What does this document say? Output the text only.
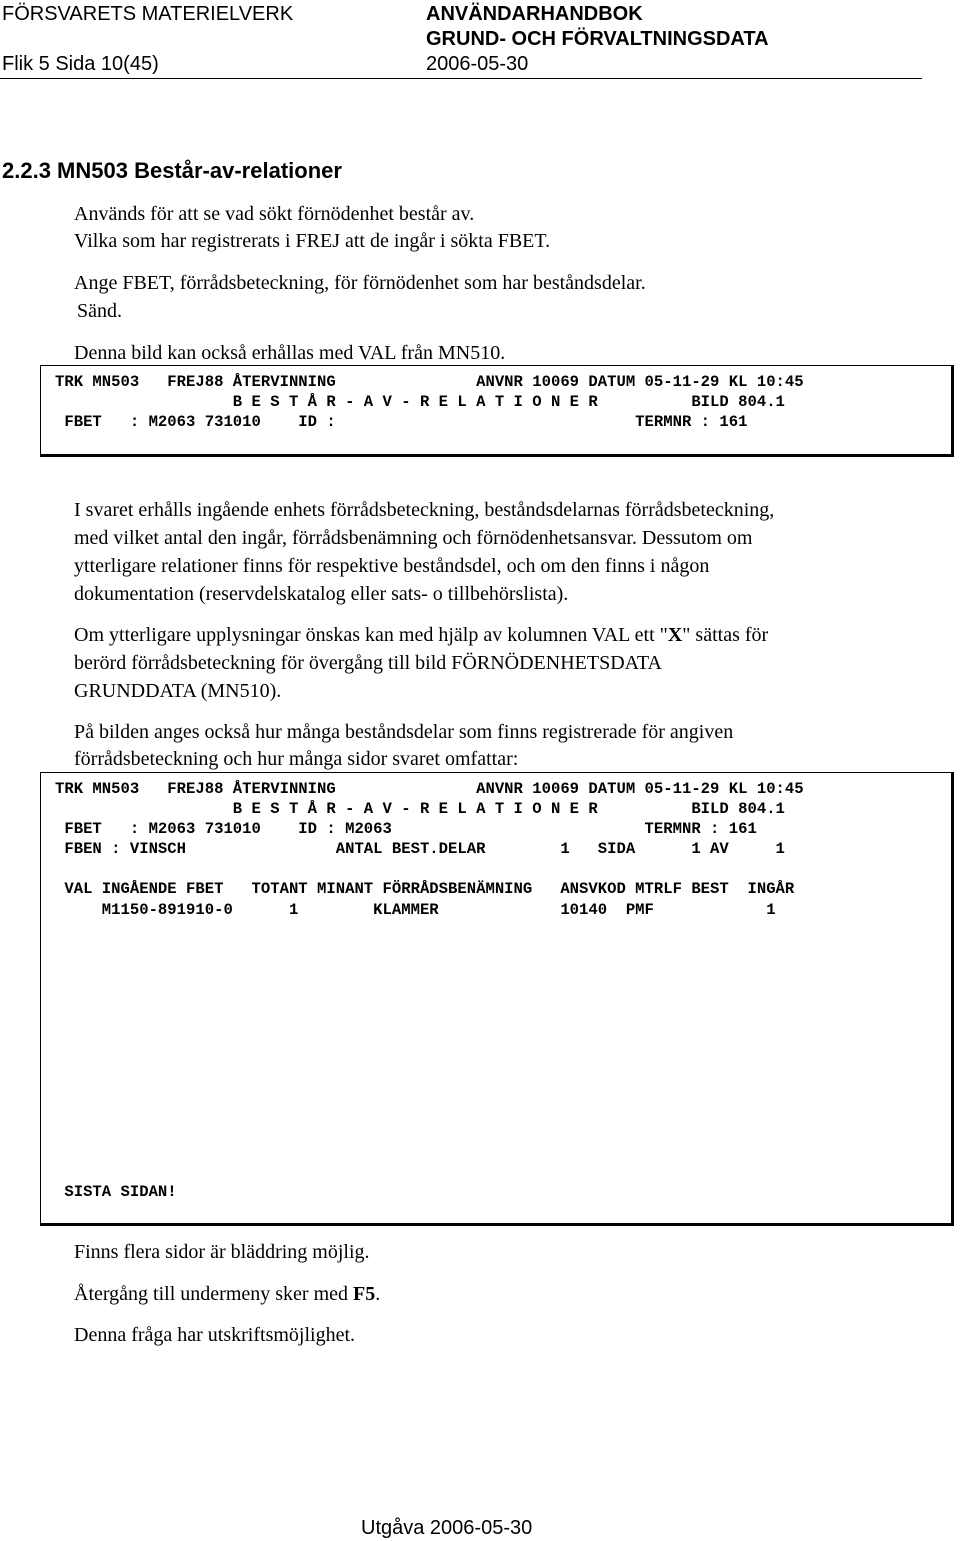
FÖRSVARETS MATERIELVERK
Flik 5 Sida 10(45)
ANVÄNDARHANDBOK
GRUND- OCH FÖRVALTNINGSDATA
2006-05-30
2.2.3 MN503 Består-av-relationer
Används för att se vad sökt förnödenhet består av.
Vilka som har registrerats i FREJ att de ingår i sökta FBET.
Ange FBET, förrådsbeteckning, för förnödenhet som har beståndsdelar.
Sänd.
Denna bild kan också erhållas med VAL från MN510.
TRK MN503   FREJ88 ÅTERVINNING               ANVNR 10069 DATUM 05-11-29 KL 10:45
B E S T Å R - A V - R E L A T I O N E R          BILD 804.1
FBET   : M2063 731010    ID :                                TERMNR : 161
I svaret erhålls ingående enhets förrådsbeteckning, beståndsdelarnas förrådsbeteckning,
med vilket antal den ingår, förrådsbenämning och förnödenhetsansvar. Dessutom om
ytterligare relationer finns för respektive beståndsdel, och om den finns i någon
dokumentation (reservdelskatalog eller sats- o tillbehörslista).
Om ytterligare upplysningar önskas kan med hjälp av kolumnen VAL ett "X" sättas för
berörd förrådsbeteckning för övergång till bild FÖRNÖDENHETSDATA
GRUNDDATA (MN510).
På bilden anges också hur många beståndsdelar som finns registrerade för angiven
förrådsbeteckning och hur många sidor svaret omfattar:
TRK MN503   FREJ88 ÅTERVINNING               ANVNR 10069 DATUM 05-11-29 KL 10:45
B E S T Å R - A V - R E L A T I O N E R          BILD 804.1
FBET   : M2063 731010    ID : M2063                           TERMNR : 161
FBEN : VINSCH                ANTAL BEST.DELAR        1   SIDA      1 AV     1
VAL INGÅENDE FBET   TOTANT MINANT FÖRRÅDSBENÄMNING   ANSVKOD MTRLF BEST  INGÅR
M1150-891910-0      1        KLAMMER             10140  PMF            1
SISTA SIDAN!
Finns flera sidor är bläddring möjlig.
Återgång till undermeny sker med F5.
Denna fråga har utskriftsmöjlighet.
Utgåva 2006-05-30
